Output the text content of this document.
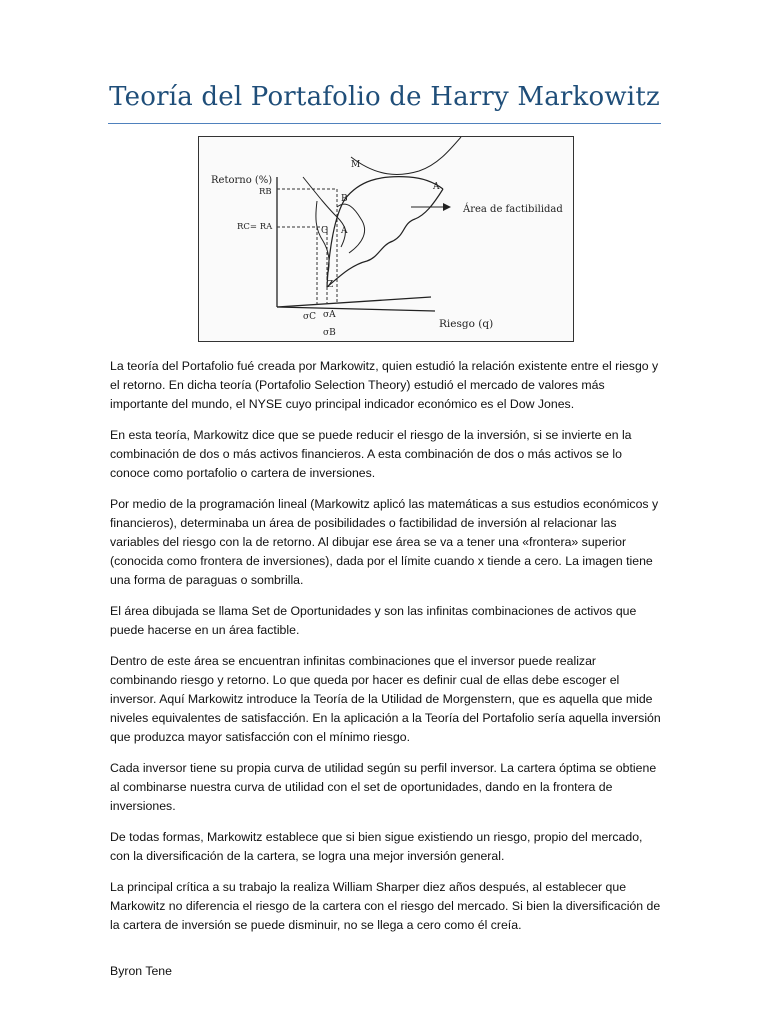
Teoría del Portafolio de Harry Markowitz
Retorno (%)
Riesgo (q)
RB
RC= RA
σC σA
σB
Área de factibilidad
M
A
B
G A
Z

La teoría del Portafolio fué creada por Markowitz, quien estudió la relación existente entre el riesgo y el retorno. En dicha teoría (Portafolio Selection Theory) estudió el mercado de valores más importante del mundo, el NYSE cuyo principal indicador económico es el Dow Jones.

En esta teoría, Markowitz dice que se puede reducir el riesgo de la inversión, si se invierte en la combinación de dos o más activos financieros. A esta combinación de dos o más activos se lo conoce como portafolio o cartera de inversiones.

Por medio de la programación lineal (Markowitz aplicó las matemáticas a sus estudios económicos y financieros), determinaba un área de posibilidades o factibilidad de inversión al relacionar las variables del riesgo con la de retorno. Al dibujar ese área se va a tener una «frontera» superior (conocida como frontera de inversiones), dada por el límite cuando x tiende a cero. La imagen tiene una forma de paraguas o sombrilla.

El área dibujada se llama Set de Oportunidades y son las infinitas combinaciones de activos que puede hacerse en un área factible.

Dentro de este área se encuentran infinitas combinaciones que el inversor puede realizar combinando riesgo y retorno. Lo que queda por hacer es definir cual de ellas debe escoger el inversor. Aquí Markowitz introduce la Teoría de la Utilidad de Morgenstern, que es aquella que mide niveles equivalentes de satisfacción. En la aplicación a la Teoría del Portafolio sería aquella inversión que produzca mayor satisfacción con el mínimo riesgo.

Cada inversor tiene su propia curva de utilidad según su perfil inversor. La cartera óptima se obtiene al combinarse nuestra curva de utilidad con el set de oportunidades, dando en la frontera de inversiones.

De todas formas, Markowitz establece que si bien sigue existiendo un riesgo, propio del mercado, con la diversificación de la cartera, se logra una mejor inversión general.

La principal crítica a su trabajo la realiza William Sharper diez años después, al establecer que Markowitz no diferencia el riesgo de la cartera con el riesgo del mercado. Si bien la diversificación de la cartera de inversión se puede disminuir, no se llega a cero como él creía.

Byron Tene
